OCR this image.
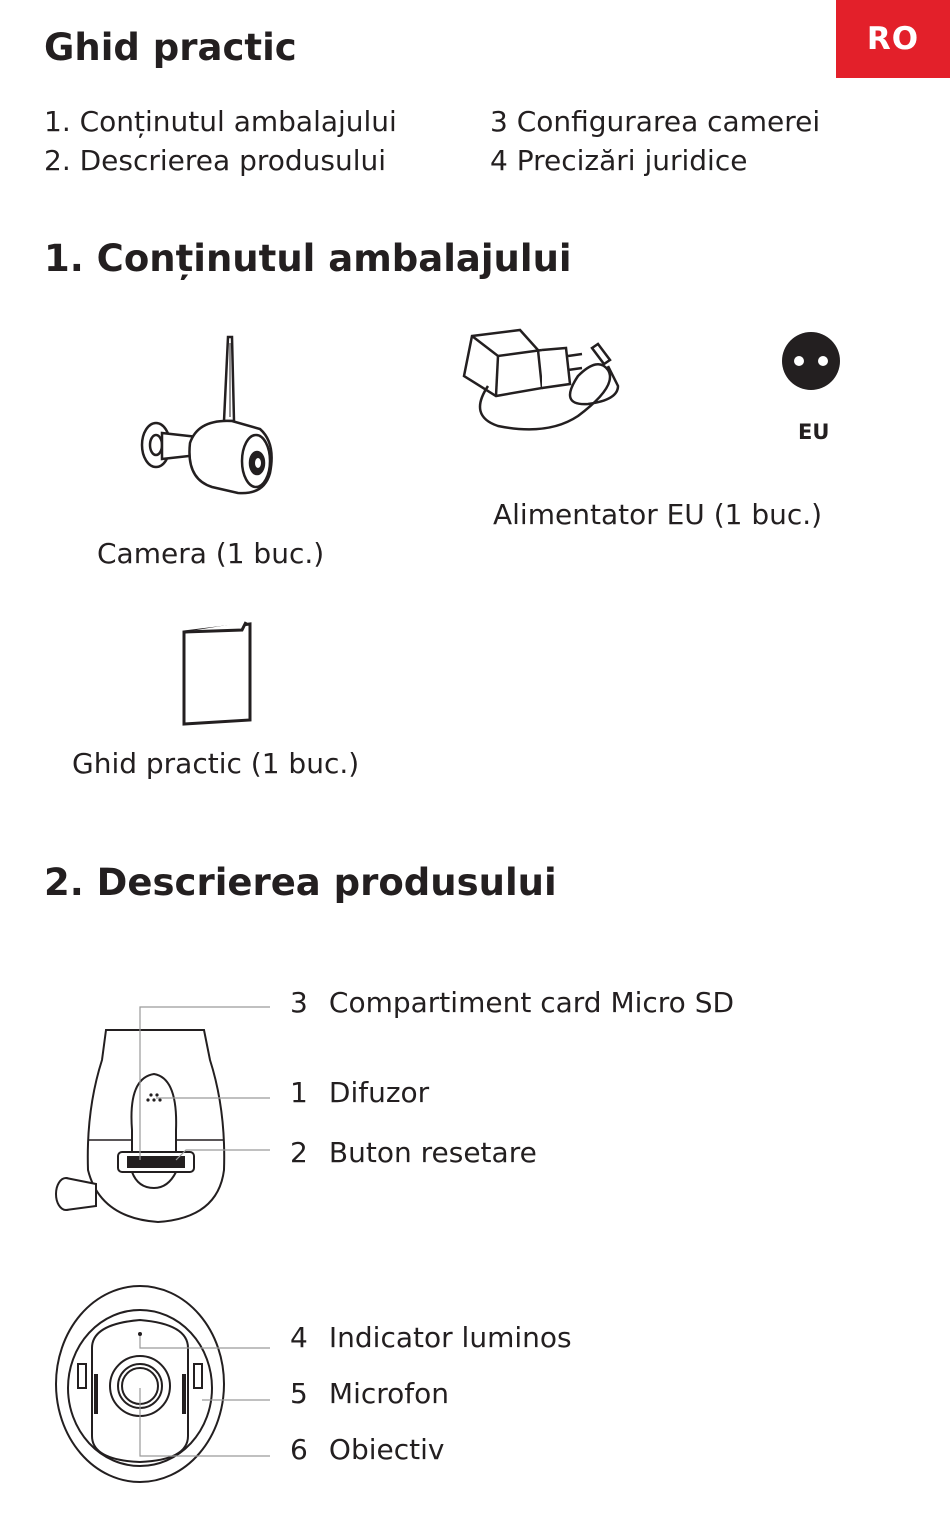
RO
Ghid practic
1. Conținutul ambalajului
2. Descrierea produsului
3 Configurarea camerei
4 Precizări juridice
1. Conținutul ambalajului
Camera (1 buc.)
Alimentator EU (1 buc.)
EU
Ghid practic (1 buc.)
2. Descrierea produsului
3 Compartiment card Micro SD
1 Difuzor
2 Buton resetare
4 Indicator luminos
5 Microfon
6 Obiectiv
